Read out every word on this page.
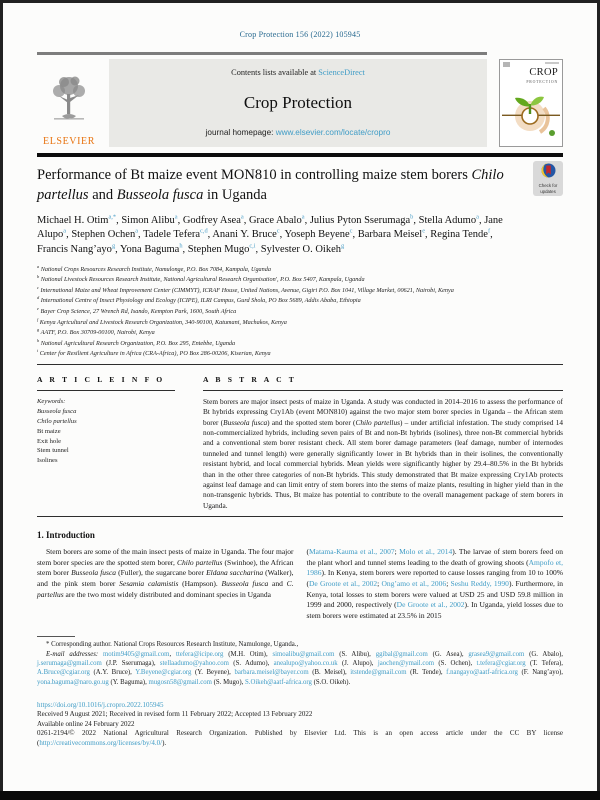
Crop Protection 156 (2022) 105945
ELSEVIER
Contents lists available at ScienceDirect
Crop Protection
journal homepage: www.elsevier.com/locate/cropro
CROP
PROTECTION
Performance of Bt maize event MON810 in controlling maize stem borers Chilo partellus and Busseola fusca in Uganda
Michael H. Otim$^{a,*}$, Simon Alibu$^a$, Godfrey Asea$^a$, Grace Abalo$^a$, Julius Pyton Sserumaga$^b$, Stella Adumo$^a$, Jane Alupo$^a$, Stephen Ochen$^a$, Tadele Tefera$^{c,d}$, Anani Y. Bruce$^c$, Yoseph Beyene$^c$, Barbara Meisel$^e$, Regina Tende$^f$, Francis Nang’ayo$^g$, Yona Baguma$^h$, Stephen Mugo$^{c,i}$, Sylvester O. Oikeh$^g$
$^a$ National Crops Resources Research Institute, Namulonge, P.O. Box 7084, Kampala, Uganda
$^b$ National Livestock Resources Research Institute, National Agricultural Research Organisation', P.O. Box 5407, Kampala, Uganda
$^c$ International Maize and Wheat Improvement Center (CIMMYT), ICRAF House, United Nations, Avenue, Gigiri P.O. Box 1041, Village Market, 00621, Nairobi, Kenya
$^d$ International Centre of Insect Physiology and Ecology (ICIPE), ILRI Campus, Gurd Shola, PO Box 5689, Addis Ababa, Ethiopia
$^e$ Bayer Crop Science, 27 Wrench Rd, Isando, Kempton Park, 1600, South Africa
$^f$ Kenya Agricultural and Livestock Research Organization, 340-90100, Katumani, Machakos, Kenya
$^g$ AATF, P.O. Box 30709-00100, Nairobi, Kenya
$^h$ National Agricultural Research Organization, P.O. Box 295, Entebbe, Uganda
$^i$ Center for Resilient Agriculture in Africa (CRA-Africa), PO Box 286-00206, Kiserian, Kenya
A R T I C L E I N F O
Keywords:
Busseola fusca
Chilo partellus
Bt maize
Exit hole
Stem tunnel
Isolines
A B S T R A C T
Stem borers are major insect pests of maize in Uganda. A study was conducted in 2014–2016 to assess the performance of Bt hybrids expressing Cry1Ab (event MON810) against the two major stem borer species in Uganda – the African stem borer (Busseola fusca) and the spotted stem borer (Chilo partellus) – under artificial infestation. The study comprised 14 non-commercialized hybrids, including seven pairs of Bt and non-Bt hybrids (isolines), three non-Bt commercial hybrids and a conventional stem borer resistant check. All stem borer damage parameters (leaf damage, number of internodes tunneled and tunnel length) were generally significantly lower in Bt hybrids than in their isolines, the conventionally resistant hybrid, and local commercial hybrids. Mean yields were significantly higher by 29.4–80.5% in the Bt hybrids than in the other three categories of non-Bt hybrids. This study demonstrated that Bt maize expressing Cry1Ab protects against leaf damage and can limit entry of stem borers into the stems of maize plants, resulting in higher yield than in the non-transgenic hybrids. Thus, Bt maize has potential to contribute to the overall management package of stem borers in Uganda.
1. Introduction
Stem borers are some of the main insect pests of maize in Uganda. The four major stem borer species are the spotted stem borer, Chilo partellus (Swinhoe), the African stem borer Busseola fusca (Fuller), the sugarcane borer Eldana saccharina (Walker), and the pink stem borer Sesamia calamistis (Hampson). Busseola fusca and C. partellus are the two most widely distributed and dominant species in Uganda
(Matama-Kauma et al., 2007; Molo et al., 2014). The larvae of stem borers feed on the plant whorl and tunnel stems leading to the death of growing shoots (Ampofo et, 1986). In Kenya, stem borers were reported to cause losses ranging from 10 to 100% (De Groote et al., 2002; Ong’amo et al., 2006; Seshu Reddy, 1990). Furthermore, in Kenya, total losses to stem borers were valued at USD 25 and USD 59.8 million in 1999 and 2000, respectively (De Groote et al., 2002). In Uganda, yield losses due to stem borers were estimated at 23.5% in 2015
* Corresponding author. National Crops Resources Research Institute, Namulonge, Uganda.,
E-mail addresses: motim9405@gmail.com, ttefera@icipe.org (M.H. Otim), simoalibu@gmail.com (S. Alibu), ggibal@gmail.com (G. Asea), grasea9@gmail.com (G. Abalo), j.serumaga@gmail.com (J.P. Sserumaga), stellaadumo@yahoo.com (S. Adumo), anealupo@yahoo.co.uk (J. Alupo), jaochen@ymail.com (S. Ochen), t.tefera@cgiar.org (T. Tefera), A.Bruce@cgiar.org (A.Y. Bruce), Y.Beyene@cgiar.org (Y. Beyene), barbara.meisel@bayer.com (B. Meisel), itstende@gmail.com (R. Tende), f.nangayo@aatf-africa.org (F. Nang’ayo), yona.baguma@naro.go.ug (Y. Baguma), mugosn58@gmail.com (S. Mugo), S.Oikeh@aatf-africa.org (S.O. Oikeh).
https://doi.org/10.1016/j.cropro.2022.105945
Received 9 August 2021; Received in revised form 11 February 2022; Accepted 13 February 2022
Available online 24 February 2022
0261-2194/© 2022 National Agricultural Research Organization. Published by Elsevier Ltd. This is an open access article under the CC BY license (http://creativecommons.org/licenses/by/4.0/).
Check for
updates
